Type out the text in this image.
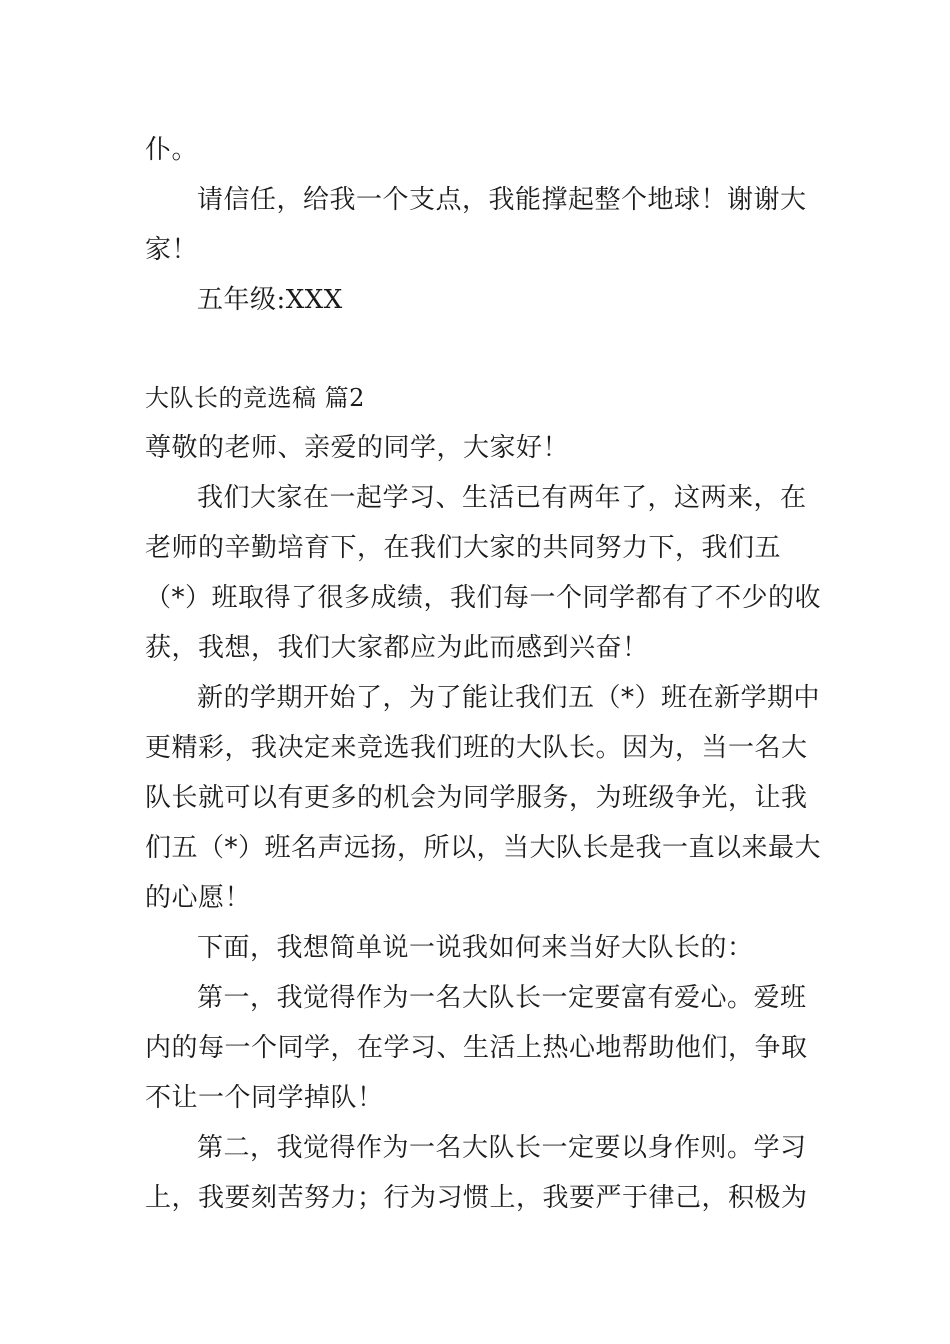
仆。
请信任，给我一个支点，我能撑起整个地球！谢谢大
家！
五年级:XXX
大队长的竞选稿 篇2
尊敬的老师、亲爱的同学，大家好！
我们大家在一起学习、生活已有两年了，这两来，在
老师的辛勤培育下，在我们大家的共同努力下，我们五
（*）班取得了很多成绩，我们每一个同学都有了不少的收
获，我想，我们大家都应为此而感到兴奋！
新的学期开始了，为了能让我们五（*）班在新学期中
更精彩，我决定来竞选我们班的大队长。因为，当一名大
队长就可以有更多的机会为同学服务，为班级争光，让我
们五（*）班名声远扬，所以，当大队长是我一直以来最大
的心愿！
下面，我想简单说一说我如何来当好大队长的：
第一，我觉得作为一名大队长一定要富有爱心。爱班
内的每一个同学，在学习、生活上热心地帮助他们，争取
不让一个同学掉队！
第二，我觉得作为一名大队长一定要以身作则。学习
上，我要刻苦努力；行为习惯上，我要严于律己，积极为
